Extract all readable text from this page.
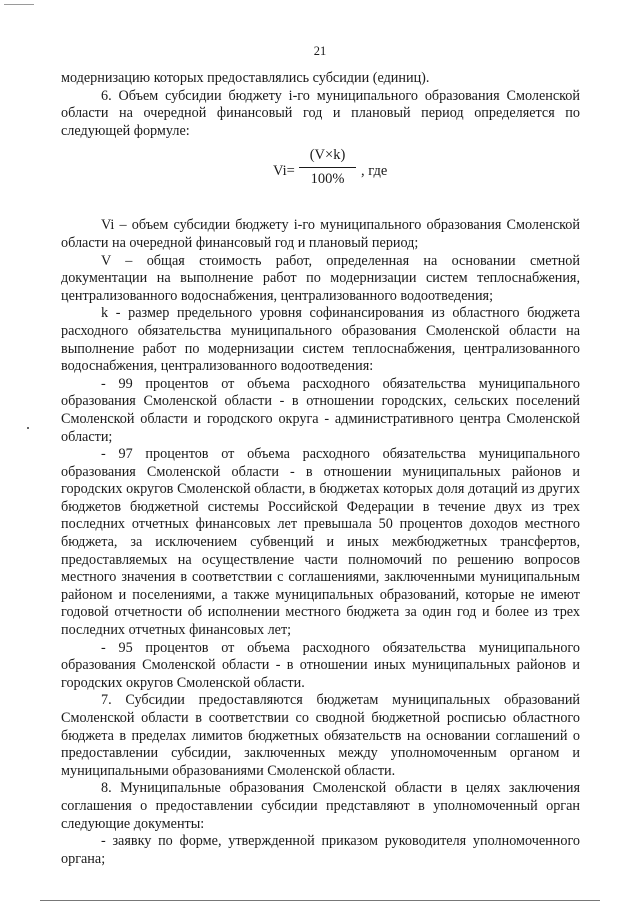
21

модернизацию которых предоставлялись субсидии (единиц).

6. Объем субсидии бюджету i-го муниципального образования Смоленской области на очередной финансовый год и плановый период определяется по следующей формуле:

$Vi= \frac{(V\times k)}{100\%}$ , где

Vi – объем субсидии бюджету i-го муниципального образования Смоленской области на очередной финансовый год и плановый период;

V – общая стоимость работ, определенная на основании сметной документации на выполнение работ по модернизации систем теплоснабжения, централизованного водоснабжения, централизованного водоотведения;

k - размер предельного уровня софинансирования из областного бюджета расходного обязательства муниципального образования Смоленской области на выполнение работ по модернизации систем теплоснабжения, централизованного водоснабжения, централизованного водоотведения:

- 99 процентов от объема расходного обязательства муниципального образования Смоленской области - в отношении городских, сельских поселений Смоленской области и городского округа - административного центра Смоленской области;

- 97 процентов от объема расходного обязательства муниципального образования Смоленской области - в отношении муниципальных районов и городских округов Смоленской области, в бюджетах которых доля дотаций из других бюджетов бюджетной системы Российской Федерации в течение двух из трех последних отчетных финансовых лет превышала 50 процентов доходов местного бюджета, за исключением субвенций и иных межбюджетных трансфертов, предоставляемых на осуществление части полномочий по решению вопросов местного значения в соответствии с соглашениями, заключенными муниципальным районом и поселениями, а также муниципальных образований, которые не имеют годовой отчетности об исполнении местного бюджета за один год и более из трех последних отчетных финансовых лет;

- 95 процентов от объема расходного обязательства муниципального образования Смоленской области - в отношении иных муниципальных районов и городских округов Смоленской области.

7. Субсидии предоставляются бюджетам муниципальных образований Смоленской области в соответствии со сводной бюджетной росписью областного бюджета в пределах лимитов бюджетных обязательств на основании соглашений о предоставлении субсидии, заключенных между уполномоченным органом и муниципальными образованиями Смоленской области.

8. Муниципальные образования Смоленской области в целях заключения соглашения о предоставлении субсидии представляют в уполномоченный орган следующие документы:

- заявку по форме, утвержденной приказом руководителя уполномоченного органа;
